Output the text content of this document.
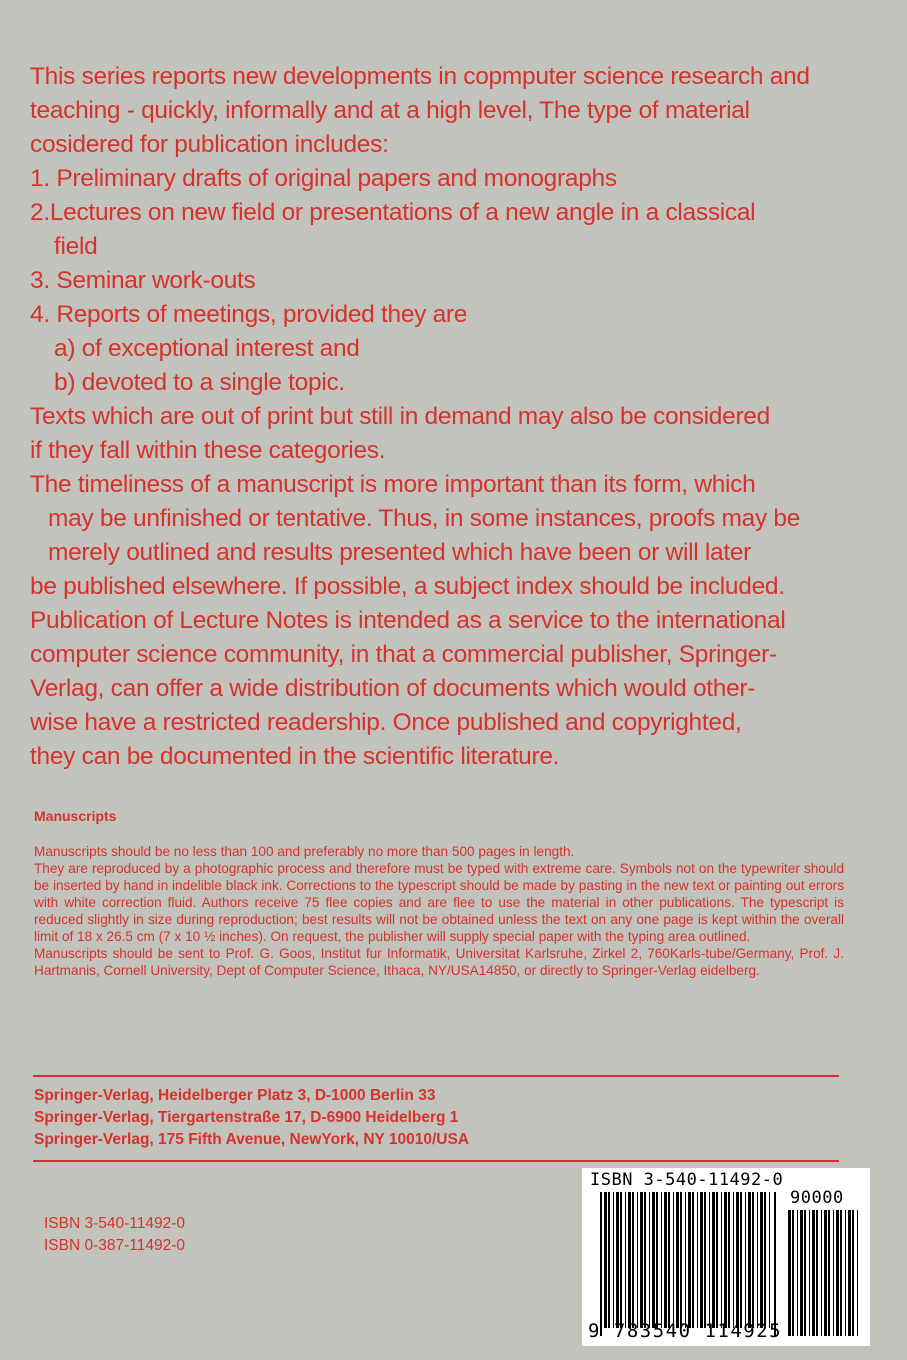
This series reports new developments in copmputer science research and

teaching - quickly, informally and at a high level, The type of material

cosidered for publication includes:

1. Preliminary drafts of original papers and monographs

2.Lectures on new field or presentations of a new angle in a classical

field

3. Seminar work-outs

4. Reports of meetings, provided they are

a) of exceptional interest and

b) devoted to a single topic.

Texts which are out of print but still in demand may also be considered

if they fall within these categories.

The timeliness of a manuscript is more important than its form, which

may be unfinished or tentative. Thus, in some instances, proofs may be

merely outlined and results presented which have been or will later

be published elsewhere. If possible, a subject index should be included.

Publication of Lecture Notes is intended as a service to the international

computer science community, in that a commercial publisher, Springer-

Verlag, can offer a wide distribution of documents which would other-

wise have a restricted readership. Once published and copyrighted,

they can be documented in the scientific literature.

Manuscripts

Manuscripts should be no less than 100 and preferably no more than 500 pages in length.

They are reproduced by a photographic process and therefore must be typed with extreme care. Symbols not on the typewriter should be inserted by hand in indelible black ink. Corrections to the typescript should be made by pasting in the new text or painting out errors with white correction fluid. Authors receive 75 flee copies and are flee to use the material in other publications. The typescript is reduced slightly in size during reproduction; best results will not be obtained unless the text on any one page is kept within the overall limit of 18 x 26.5 cm (7 x 10 ½ inches). On request, the publisher will supply special paper with the typing area outlined.

Manuscripts should be sent to Prof. G. Goos, Institut fur Informatik, Universitat Karlsruhe, Zirkel 2, 760Karls-tube/Germany, Prof. J. Hartmanis, Cornell University, Dept of Computer Science, Ithaca, NY/USA14850, or directly to Springer-Verlag eidelberg.

Springer-Verlag, Heidelberger Platz 3, D-1000 Berlin 33
Springer-Verlag, Tiergartenstraße 17, D-6900 Heidelberg 1
Springer-Verlag, 175 Fifth Avenue, NewYork, NY 10010/USA
ISBN 3-540-11492-0
ISBN 0-387-11492-0
ISBN 3-540-11492-0
90000
9 783540 114925
